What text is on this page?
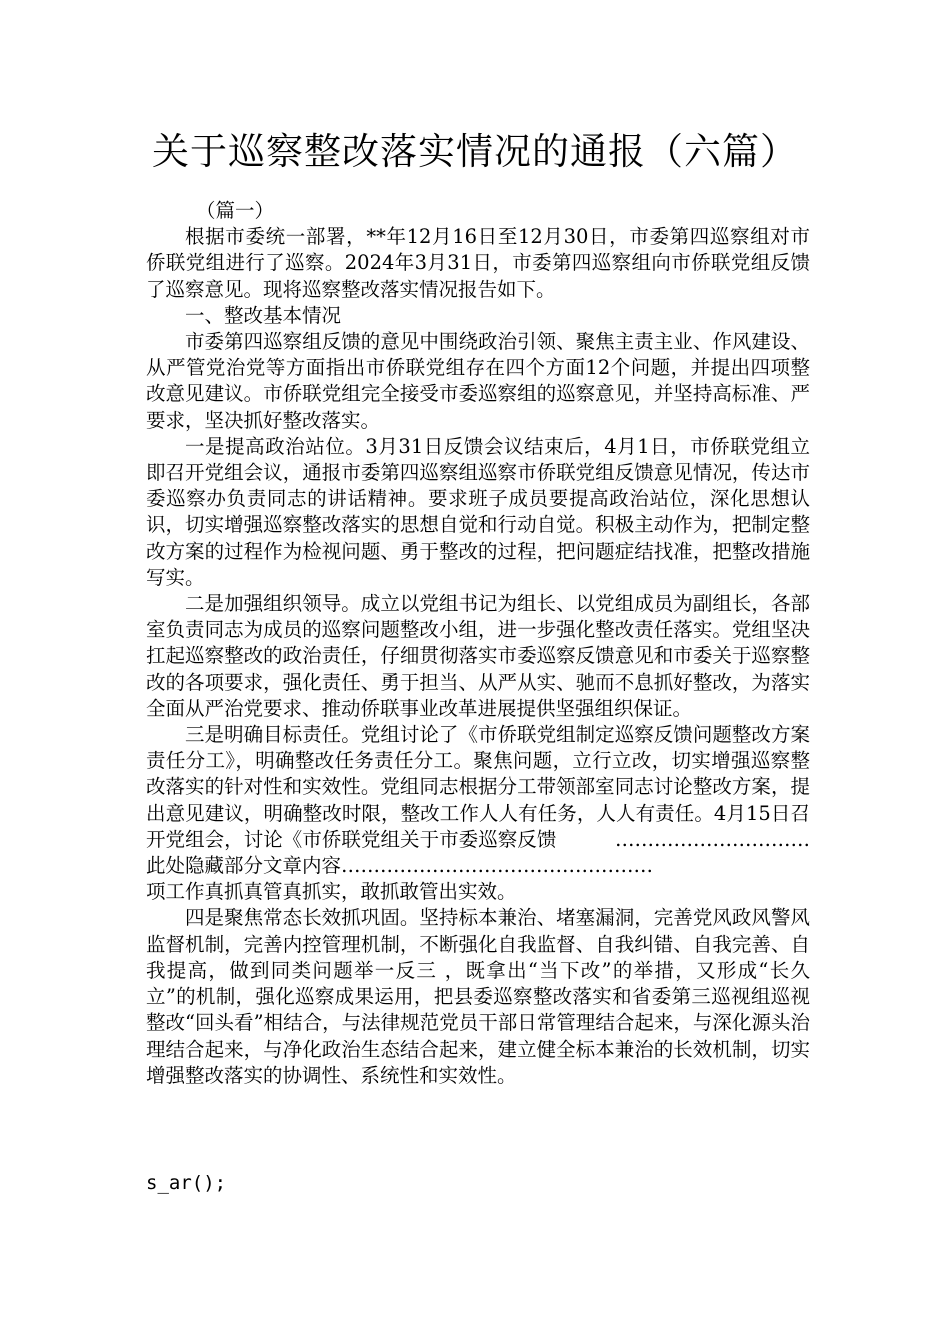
关于巡察整改落实情况的通报（六篇）

（篇一）

根据市委统一部署，**年12月16日至12月30日，市委第四巡察组对市侨联党组进行了巡察。2024年3月31日，市委第四巡察组向市侨联党组反馈了巡察意见。现将巡察整改落实情况报告如下。

一、整改基本情况

市委第四巡察组反馈的意见中围绕政治引领、聚焦主责主业、作风建设、从严管党治党等方面指出市侨联党组存在四个方面12个问题，并提出四项整改意见建议。市侨联党组完全接受市委巡察组的巡察意见，并坚持高标准、严要求，坚决抓好整改落实。

一是提高政治站位。3月31日反馈会议结束后，4月1日，市侨联党组立即召开党组会议，通报市委第四巡察组巡察市侨联党组反馈意见情况，传达市委巡察办负责同志的讲话精神。要求班子成员要提高政治站位，深化思想认识，切实增强巡察整改落实的思想自觉和行动自觉。积极主动作为，把制定整改方案的过程作为检视问题、勇于整改的过程，把问题症结找准，把整改措施写实。

二是加强组织领导。成立以党组书记为组长、以党组成员为副组长，各部室负责同志为成员的巡察问题整改小组，进一步强化整改责任落实。党组坚决扛起巡察整改的政治责任，仔细贯彻落实市委巡察反馈意见和市委关于巡察整改的各项要求，强化责任、勇于担当、从严从实、驰而不息抓好整改，为落实全面从严治党要求、推动侨联事业改革进展提供坚强组织保证。

三是明确目标责任。党组讨论了《市侨联党组制定巡察反馈问题整改方案责任分工》，明确整改任务责任分工。聚焦问题，立行立改，切实增强巡察整改落实的针对性和实效性。党组同志根据分工带领部室同志讨论整改方案，提出意见建议，明确整改时限，整改工作人人有任务，人人有责任。4月15日召开党组会，讨论《市侨联党组关于市委巡察反馈　　　…………………………此处隐藏部分文章内容…………………………………………

项工作真抓真管真抓实，敢抓敢管出实效。

四是聚焦常态长效抓巩固。坚持标本兼治、堵塞漏洞，完善党风政风警风监督机制，完善内控管理机制，不断强化自我监督、自我纠错、自我完善、自我提高，做到同类问题举一反三 ，既拿出“当下改”的举措，又形成“长久立”的机制，强化巡察成果运用，把县委巡察整改落实和省委第三巡视组巡视整改“回头看”相结合，与法律规范党员干部日常管理结合起来，与深化源头治理结合起来，与净化政治生态结合起来，建立健全标本兼治的长效机制，切实增强整改落实的协调性、系统性和实效性。

s_ar();
